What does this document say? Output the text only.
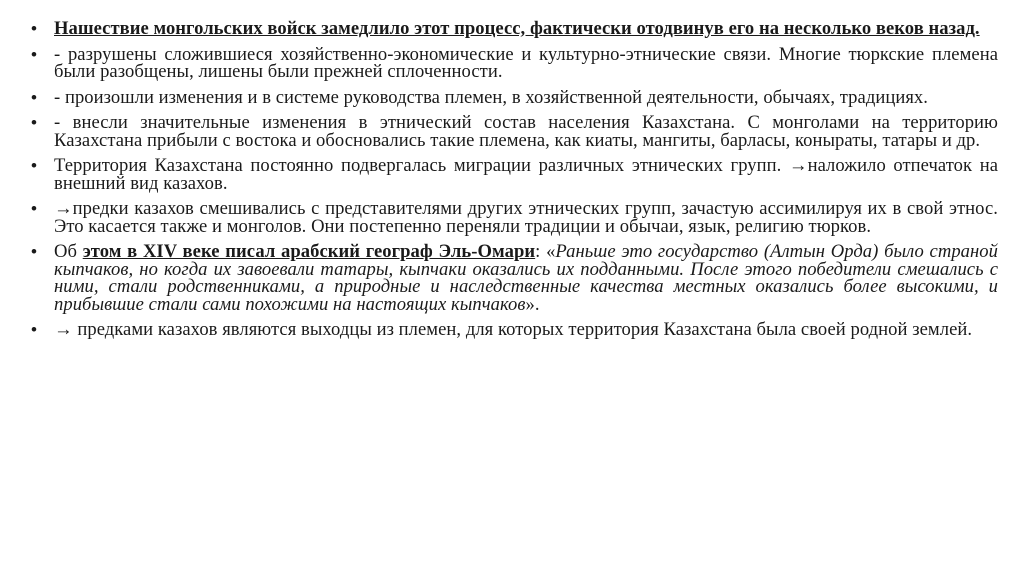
• Нашествие монгольских войск замедлило этот процесс, фактически отодвинув его на несколько веков назад.
• - разрушены сложившиеся хозяйственно-экономические и культурно-этнические связи. Многие тюркские племена были разобщены, лишены были прежней сплоченности.
• - произошли изменения и в системе руководства племен, в хозяйственной деятельности, обычаях, традициях.
• - внесли значительные изменения в этнический состав населения Казахстана. С монголами на территорию Казахстана прибыли с востока и обосновались такие племена, как киаты, мангиты, барласы, коныраты, татары и др.
• Территория Казахстана постоянно подвергалась миграции различных этнических групп. →наложило отпечаток на внешний вид казахов.
• →предки казахов смешивались с представителями других этнических групп, зачастую ассимилируя их в свой этнос. Это касается также и монголов. Они постепенно переняли традиции и обычаи, язык, религию тюрков.
• Об этом в XIV веке писал арабский географ Эль-Омари: «Раньше это государство (Алтын Орда) было страной кыпчаков, но когда их завоевали татары, кыпчаки оказались их подданными. После этого победители смешались с ними, стали родственниками, а природные и наследственные качества местных оказались более высокими, и прибывшие стали сами похожими на настоящих кыпчаков».
• → предками казахов являются выходцы из племен, для которых территория Казахстана была своей родной землей.
